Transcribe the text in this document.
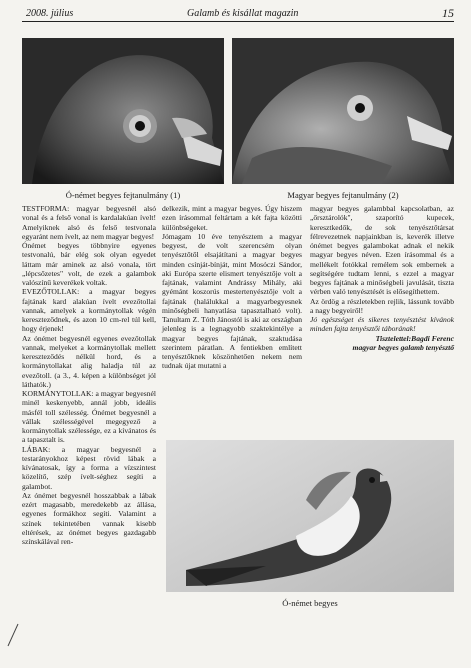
2008. július	Galamb és kisállat magazin	15
Ó-német begyes fejtanulmány (1)	Magyar begyes fejtanulmány (2)

TESTFORMA: magyar begyesnél alsó vonal és a felső vonal is kardalakúan ívelt! Amelyiknek alsó és felső testvonala egyaránt nem ívelt, az nem magyar begyes!

Ónémet begyes többnyire egyenes testvonalú, bár elég sok olyan egyedet láttam már aminek az alsó vonala, tört „lépcsőzetes" volt, de ezek a galambok valószínű keverékek voltak.

EVEZŐTOLLAK: a magyar begyes fajtának kard alakúan ívelt evezőtollai vannak, amelyek a kormánytollak végén kereszteződnek, és azon 10 cm-rel túl kell, hogy érjenek!

Az ónémet begyesnél egyenes evezőtollak vannak, melyeket a kormánytollak mellett kereszteződés nélkül hord, és a kormánytollakat alig haladja túl az evezőtoll. (a 3., 4. képen a különbséget jól láthatók.)

KORMÁNYTOLLAK: a magyar begyesnél minél keskenyebb, annál jobb, ideális másfél toll szélesség. Ónémet begyesnél a vállak szélességével megegyező a kormánytollak szélessége, ez a kívánatos és a tapasztalt is.

LÁBAK: a magyar begyesnél a testarányokhoz képest rövid lábak a kívánatosak, így a forma a vízszintest közelítő, szép ívelt-séghez segíti a galambot.

Az ónémet begyesnél hosszabbak a lábak ezért magasabb, meredekebb az állása, egyenes formákhoz segíti. Valamint a színek tekintetében vannak kisebb eltérések, az ónémet begyes gazdagabb színskálával ren-

delkezik, mint a magyar begyes. Úgy hiszem ezen írásommal feltártam a két fajta közötti különbségeket.

Jómagam 10 éve tenyésztem a magyar begyest, de volt szerencsém olyan tenyésztőtől elsajátítani a magyar begyes minden csínját-bínját, mint Mosóczi Sándor, aki Európa szerte elismert tenyésztője volt a fajtának, valamint Andrássy Mihály, aki gyémánt koszorús mestertenyésztője volt a fajtának (halálukkal a magyarbegyesnek minőségbeli hanyatlása tapasztalható volt). Tanultam Z. Tóth Jánostól is aki az országban jelenleg is a legnagyobb szaktekintélye a magyar begyes fajtának, szaktudása szerintem páratlan. A fentiekben említett tenyésztőknek köszönhetően nekem nem tudnak újat mutatni a

magyar begyes galambbal kapcsolatban, az „őrsztárolók", szaporító kupecek, keresztkedők, de sok tenyésztőtársat félrevezetnek napjainkban is, keverék illetve ónémet begyes galambokat adnak el nekik magyar begyes néven. Ezen írásommal és a mellékelt fotókkal remélem sok embernek a segítségére tudtam lenni, s ezzel a magyar begyes fajtának a minőségbeli javulását, tiszta vérben való tenyésztését is elősegíthettem.

Az ördög a részletekben rejlik, lássunk tovább a nagy begyeiről!

Jó egészséget és sikeres tenyésztést kívánok minden fajta tenyésztői táborának!

Tisztelettel:Bagdi Ferenc

magyar begyes galamb tenyésztő

Ó-német begyes
